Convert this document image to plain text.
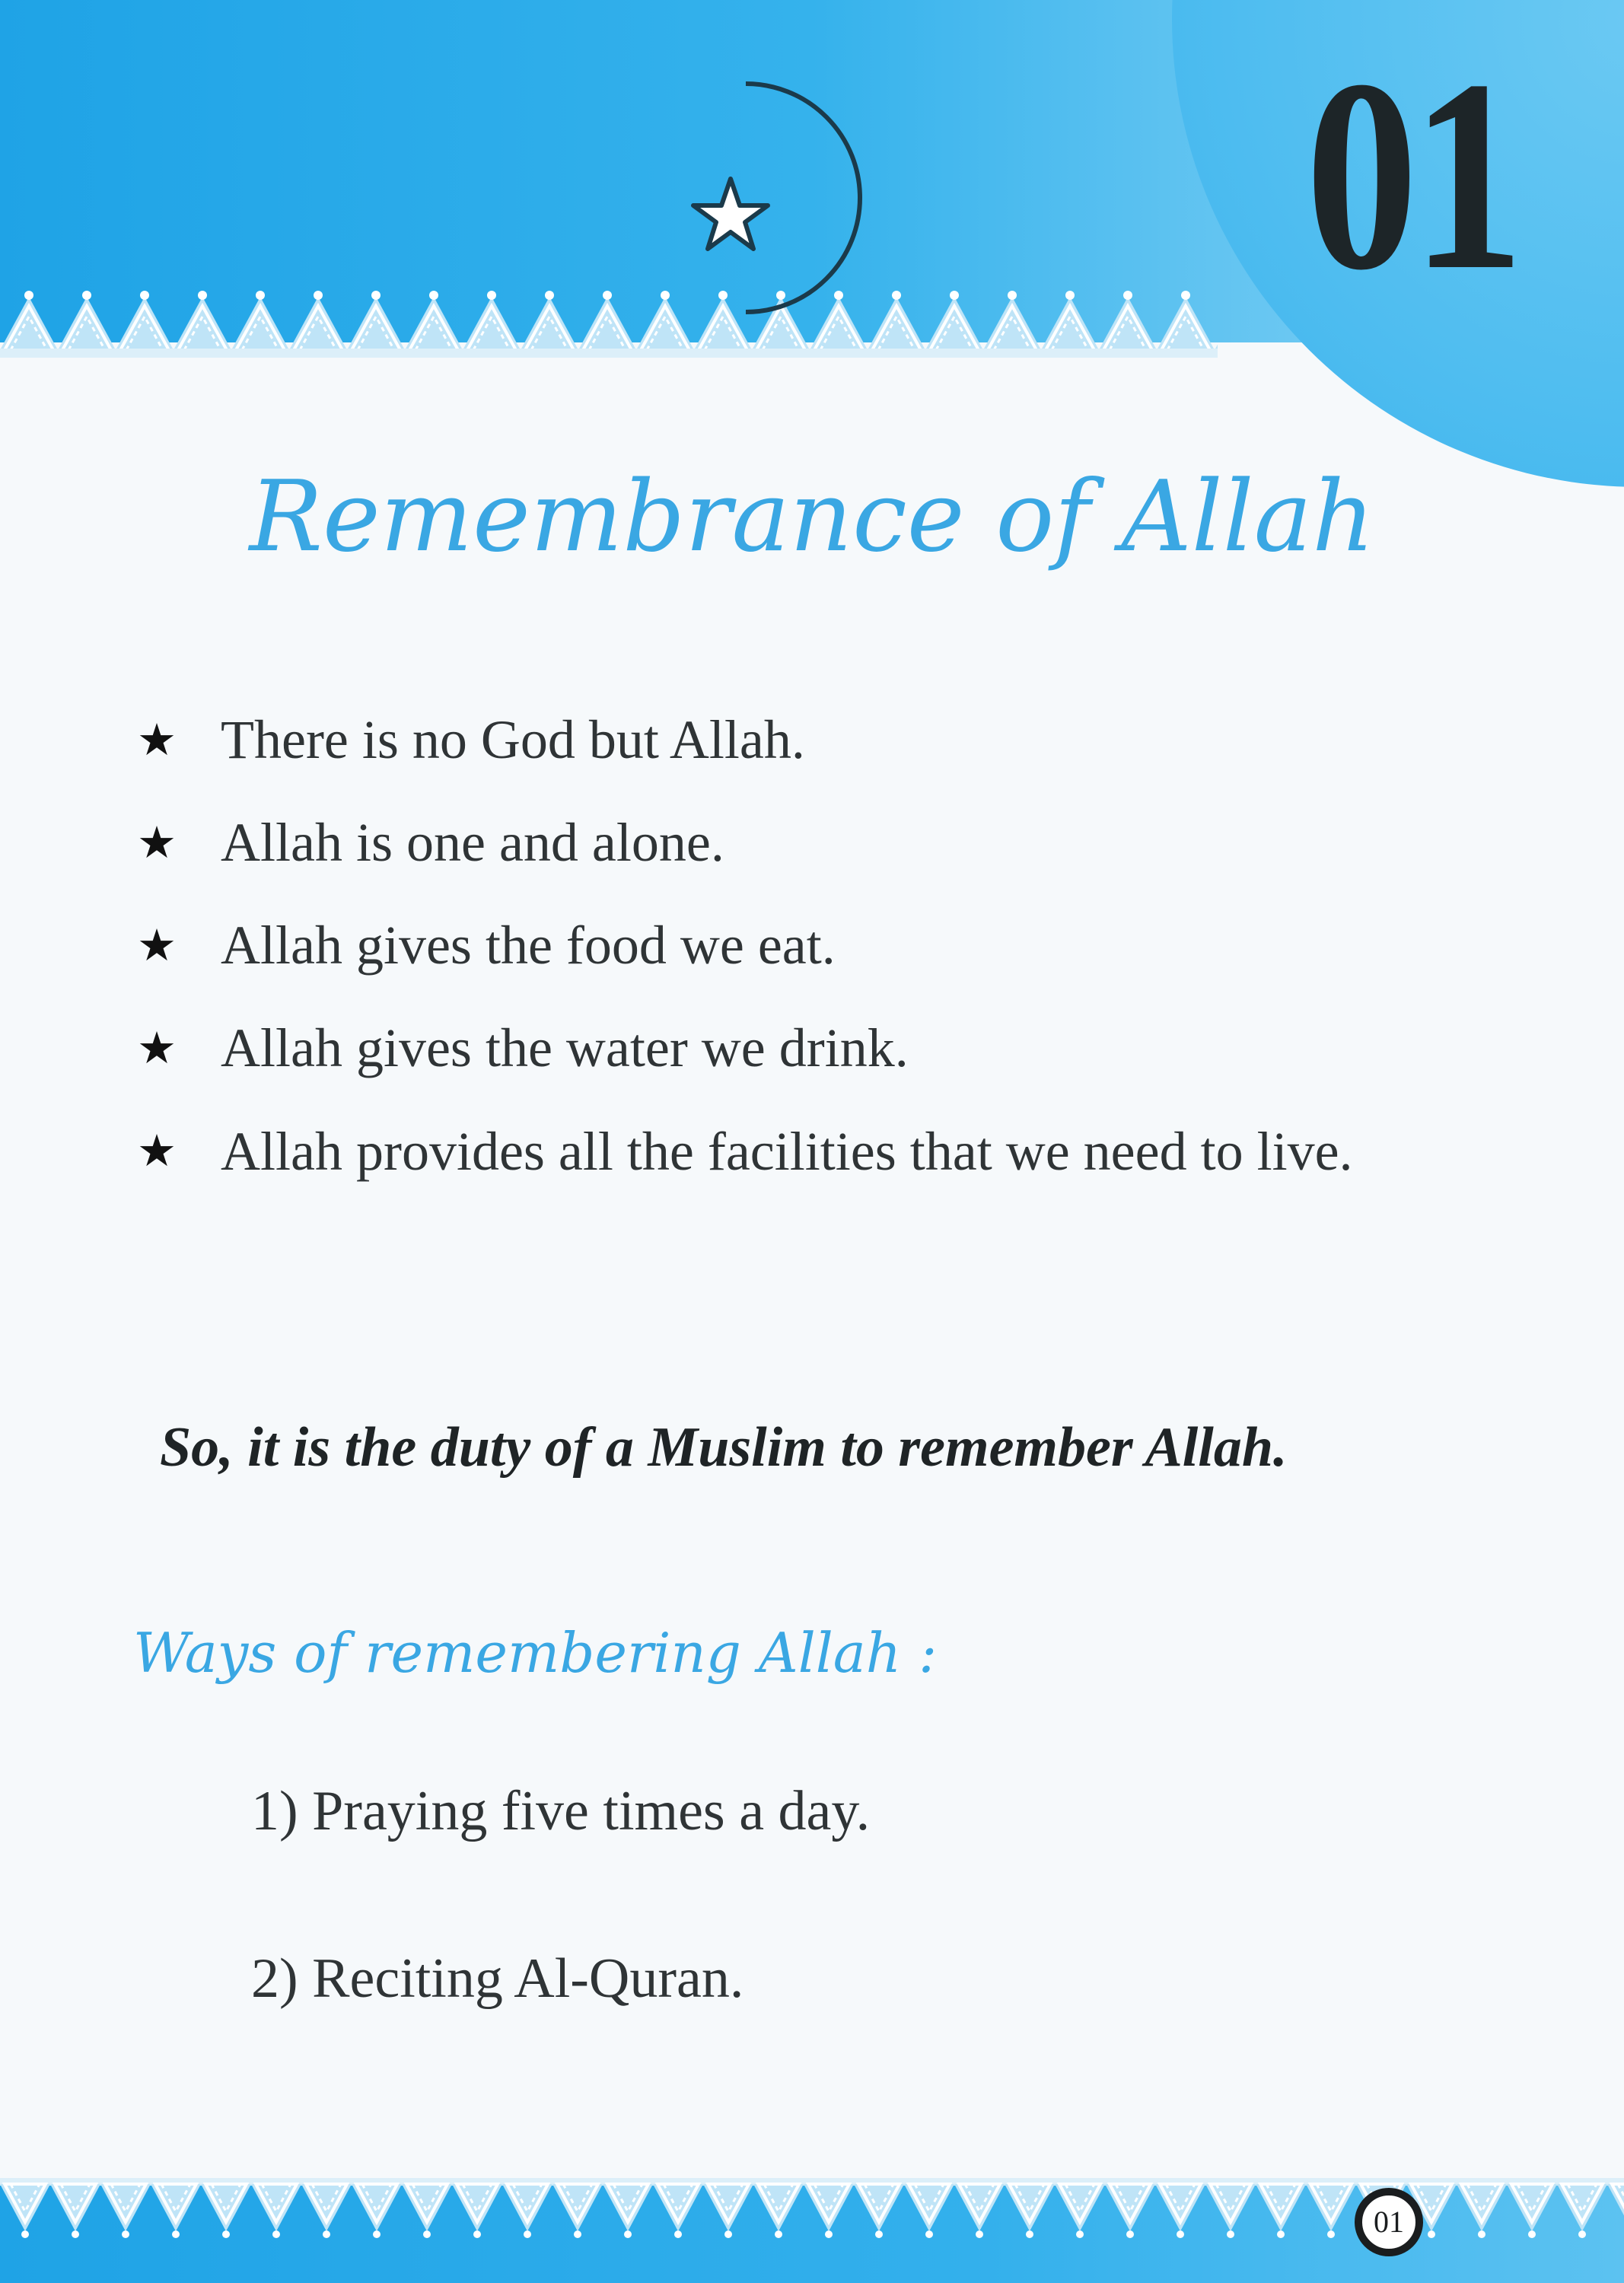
01
Remembrance of Allah
★ There is no God but Allah.
★ Allah is one and alone.
★ Allah gives the food we eat.
★ Allah gives the water we drink.
★ Allah provides all the facilities that we need to live.
So, it is the duty of a Muslim to remember Allah.
Ways of remembering Allah :
1) Praying five times a day.
2) Reciting Al-Quran.
01
